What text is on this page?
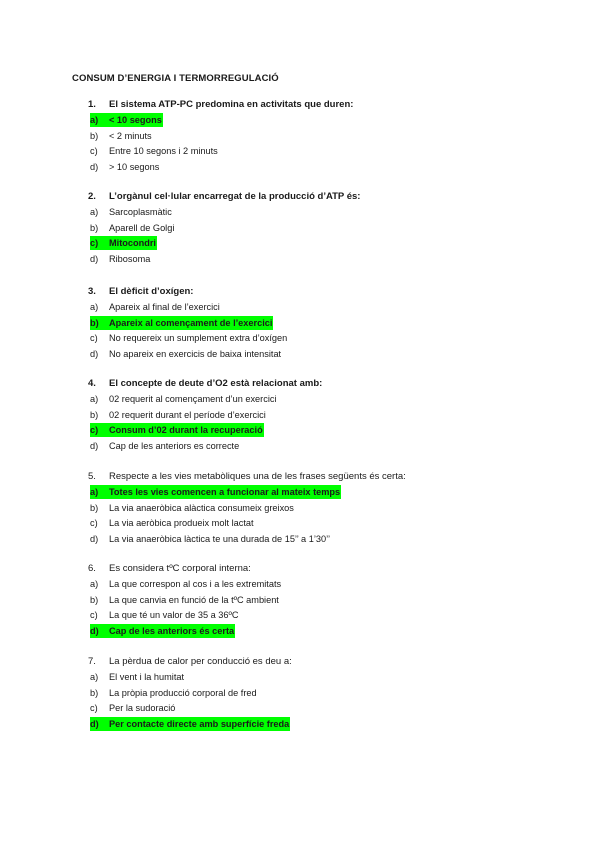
CONSUM D’ENERGIA I TERMORREGULACIÓ
1. El sistema ATP-PC predomina en activitats que duren:
a) < 10 segons
b) < 2 minuts
c) Entre 10 segons i 2 minuts
d) > 10 segons
2. L’orgànul cel·lular encarregat de la producció d’ATP és:
a) Sarcoplasmàtic
b) Aparell de Golgi
c) Mitocondri
d) Ribosoma
3. El dèficit d’oxígen:
a) Apareix al final de l’exercici
b) Apareix al començament de l’exercici
c) No requereix un sumplement extra d’oxígen
d) No apareix en exercicis de baixa intensitat
4. El concepte de deute d’O2 està relacionat amb:
a) 02 requerit al començament d’un exercici
b) 02 requerit durant el període d’exercici
c) Consum d’02 durant la recuperació
d) Cap de les anteriors es correcte
5. Respecte a les vies metabòliques una de les frases següents és certa:
a) Totes les vies comencen a funcionar al mateix temps
b) La via anaeròbica alàctica consumeix greixos
c) La via aeròbica produeix molt lactat
d) La via anaeròbica làctica te una durada de 15’’ a 1’30’’
6. Es considera tºC corporal interna:
a) La que correspon al cos i a les extremitats
b) La que canvia en funció de la tºC ambient
c) La que té un valor de 35 a 36ºC
d) Cap de les anteriors és certa
7. La pèrdua de calor per conducció es deu a:
a) El vent i la humitat
b) La pròpia producció corporal de fred
c) Per la sudoració
d) Per contacte directe amb superfície freda
